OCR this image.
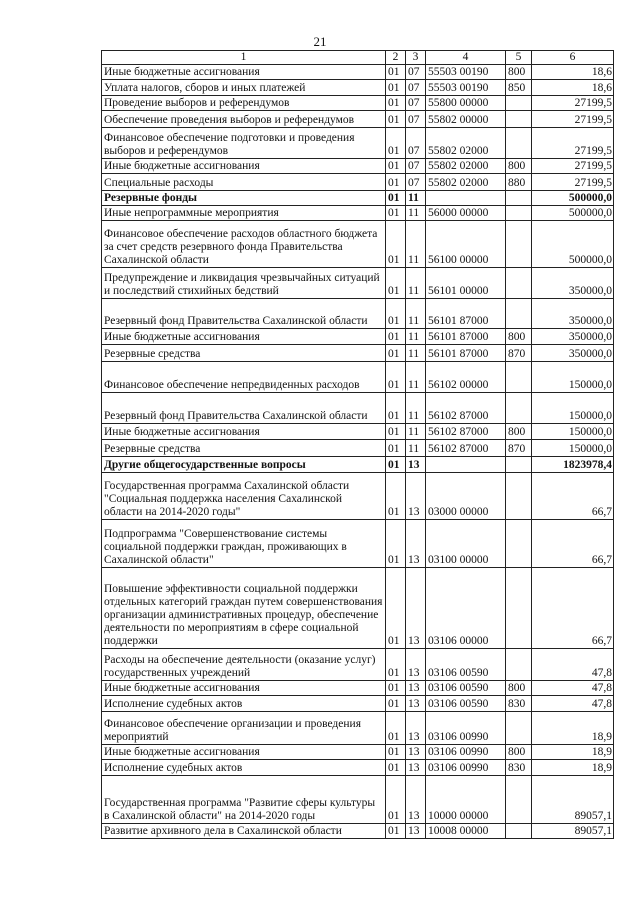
21
1	2	3	4	5	6
Иные бюджетные ассигнования	01	07	55503 00190	800	18,6
Уплата налогов, сборов и иных платежей	01	07	55503 00190	850	18,6
Проведение выборов и референдумов	01	07	55800 00000		27199,5
Обеспечение проведения выборов и референдумов	01	07	55802 00000		27199,5
Финансовое обеспечение подготовки и проведения выборов и референдумов	01	07	55802 02000		27199,5
Иные бюджетные ассигнования	01	07	55802 02000	800	27199,5
Специальные расходы	01	07	55802 02000	880	27199,5
Резервные фонды	01	11			500000,0
Иные непрограммные мероприятия	01	11	56000 00000		500000,0
Финансовое обеспечение расходов областного бюджета за счет средств резервного фонда Правительства Сахалинской области	01	11	56100 00000		500000,0
Предупреждение и ликвидация чрезвычайных ситуаций и последствий стихийных бедствий	01	11	56101 00000		350000,0
Резервный фонд Правительства Сахалинской области	01	11	56101 87000		350000,0
Иные бюджетные ассигнования	01	11	56101 87000	800	350000,0
Резервные средства	01	11	56101 87000	870	350000,0
Финансовое обеспечение непредвиденных расходов	01	11	56102 00000		150000,0
Резервный фонд Правительства Сахалинской области	01	11	56102 87000		150000,0
Иные бюджетные ассигнования	01	11	56102 87000	800	150000,0
Резервные средства	01	11	56102 87000	870	150000,0
Другие общегосударственные вопросы	01	13			1823978,4
Государственная программа Сахалинской области "Социальная поддержка населения Сахалинской области на 2014-2020 годы"	01	13	03000 00000		66,7
Подпрограмма "Совершенствование системы социальной поддержки граждан, проживающих в Сахалинской области"	01	13	03100 00000		66,7
Повышение эффективности социальной поддержки отдельных категорий граждан путем совершенствования организации административных процедур, обеспечение деятельности по мероприятиям в сфере социальной поддержки	01	13	03106 00000		66,7
Расходы на обеспечение деятельности (оказание услуг) государственных учреждений	01	13	03106 00590		47,8
Иные бюджетные ассигнования	01	13	03106 00590	800	47,8
Исполнение судебных актов	01	13	03106 00590	830	47,8
Финансовое обеспечение организации и проведения мероприятий	01	13	03106 00990		18,9
Иные бюджетные ассигнования	01	13	03106 00990	800	18,9
Исполнение судебных актов	01	13	03106 00990	830	18,9
Государственная программа "Развитие сферы культуры в Сахалинской области" на 2014-2020 годы	01	13	10000 00000		89057,1
Развитие архивного дела в Сахалинской области	01	13	10008 00000		89057,1
